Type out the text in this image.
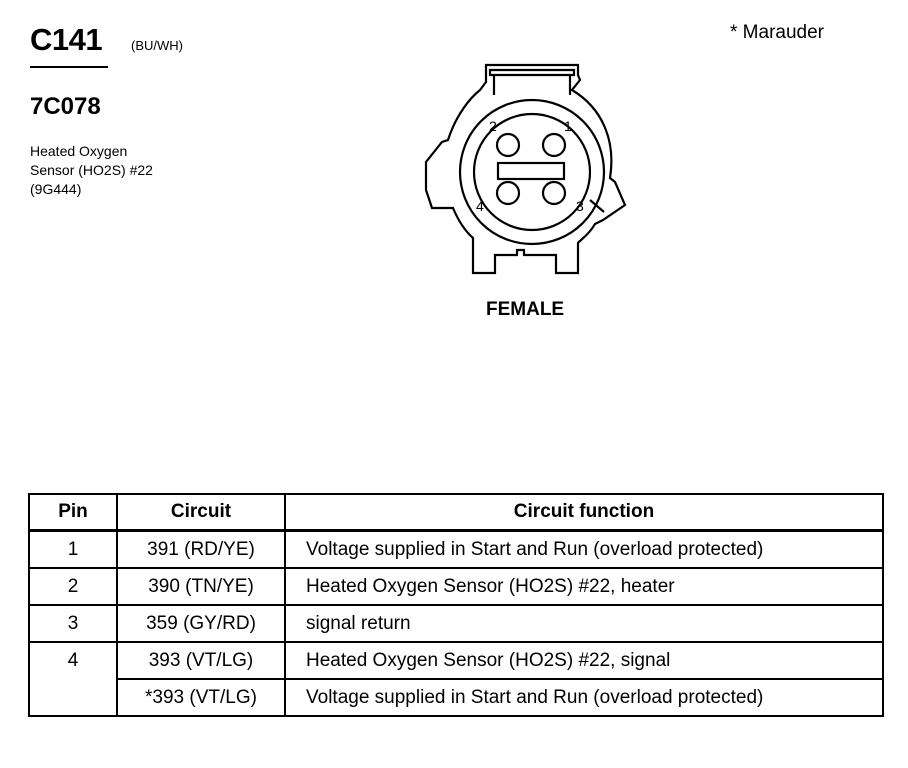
C141 (BU/WH)
7C078
Heated Oxygen
Sensor (HO2S) #22
(9G444)
* Marauder
1
2
3
4
FEMALE
Pin	Circuit	Circuit function
1	391 (RD/YE)	Voltage supplied in Start and Run (overload protected)
2	390 (TN/YE)	Heated Oxygen Sensor (HO2S) #22, heater
3	359 (GY/RD)	signal return
4	393 (VT/LG)	Heated Oxygen Sensor (HO2S) #22, signal
	*393 (VT/LG)	Voltage supplied in Start and Run (overload protected)
